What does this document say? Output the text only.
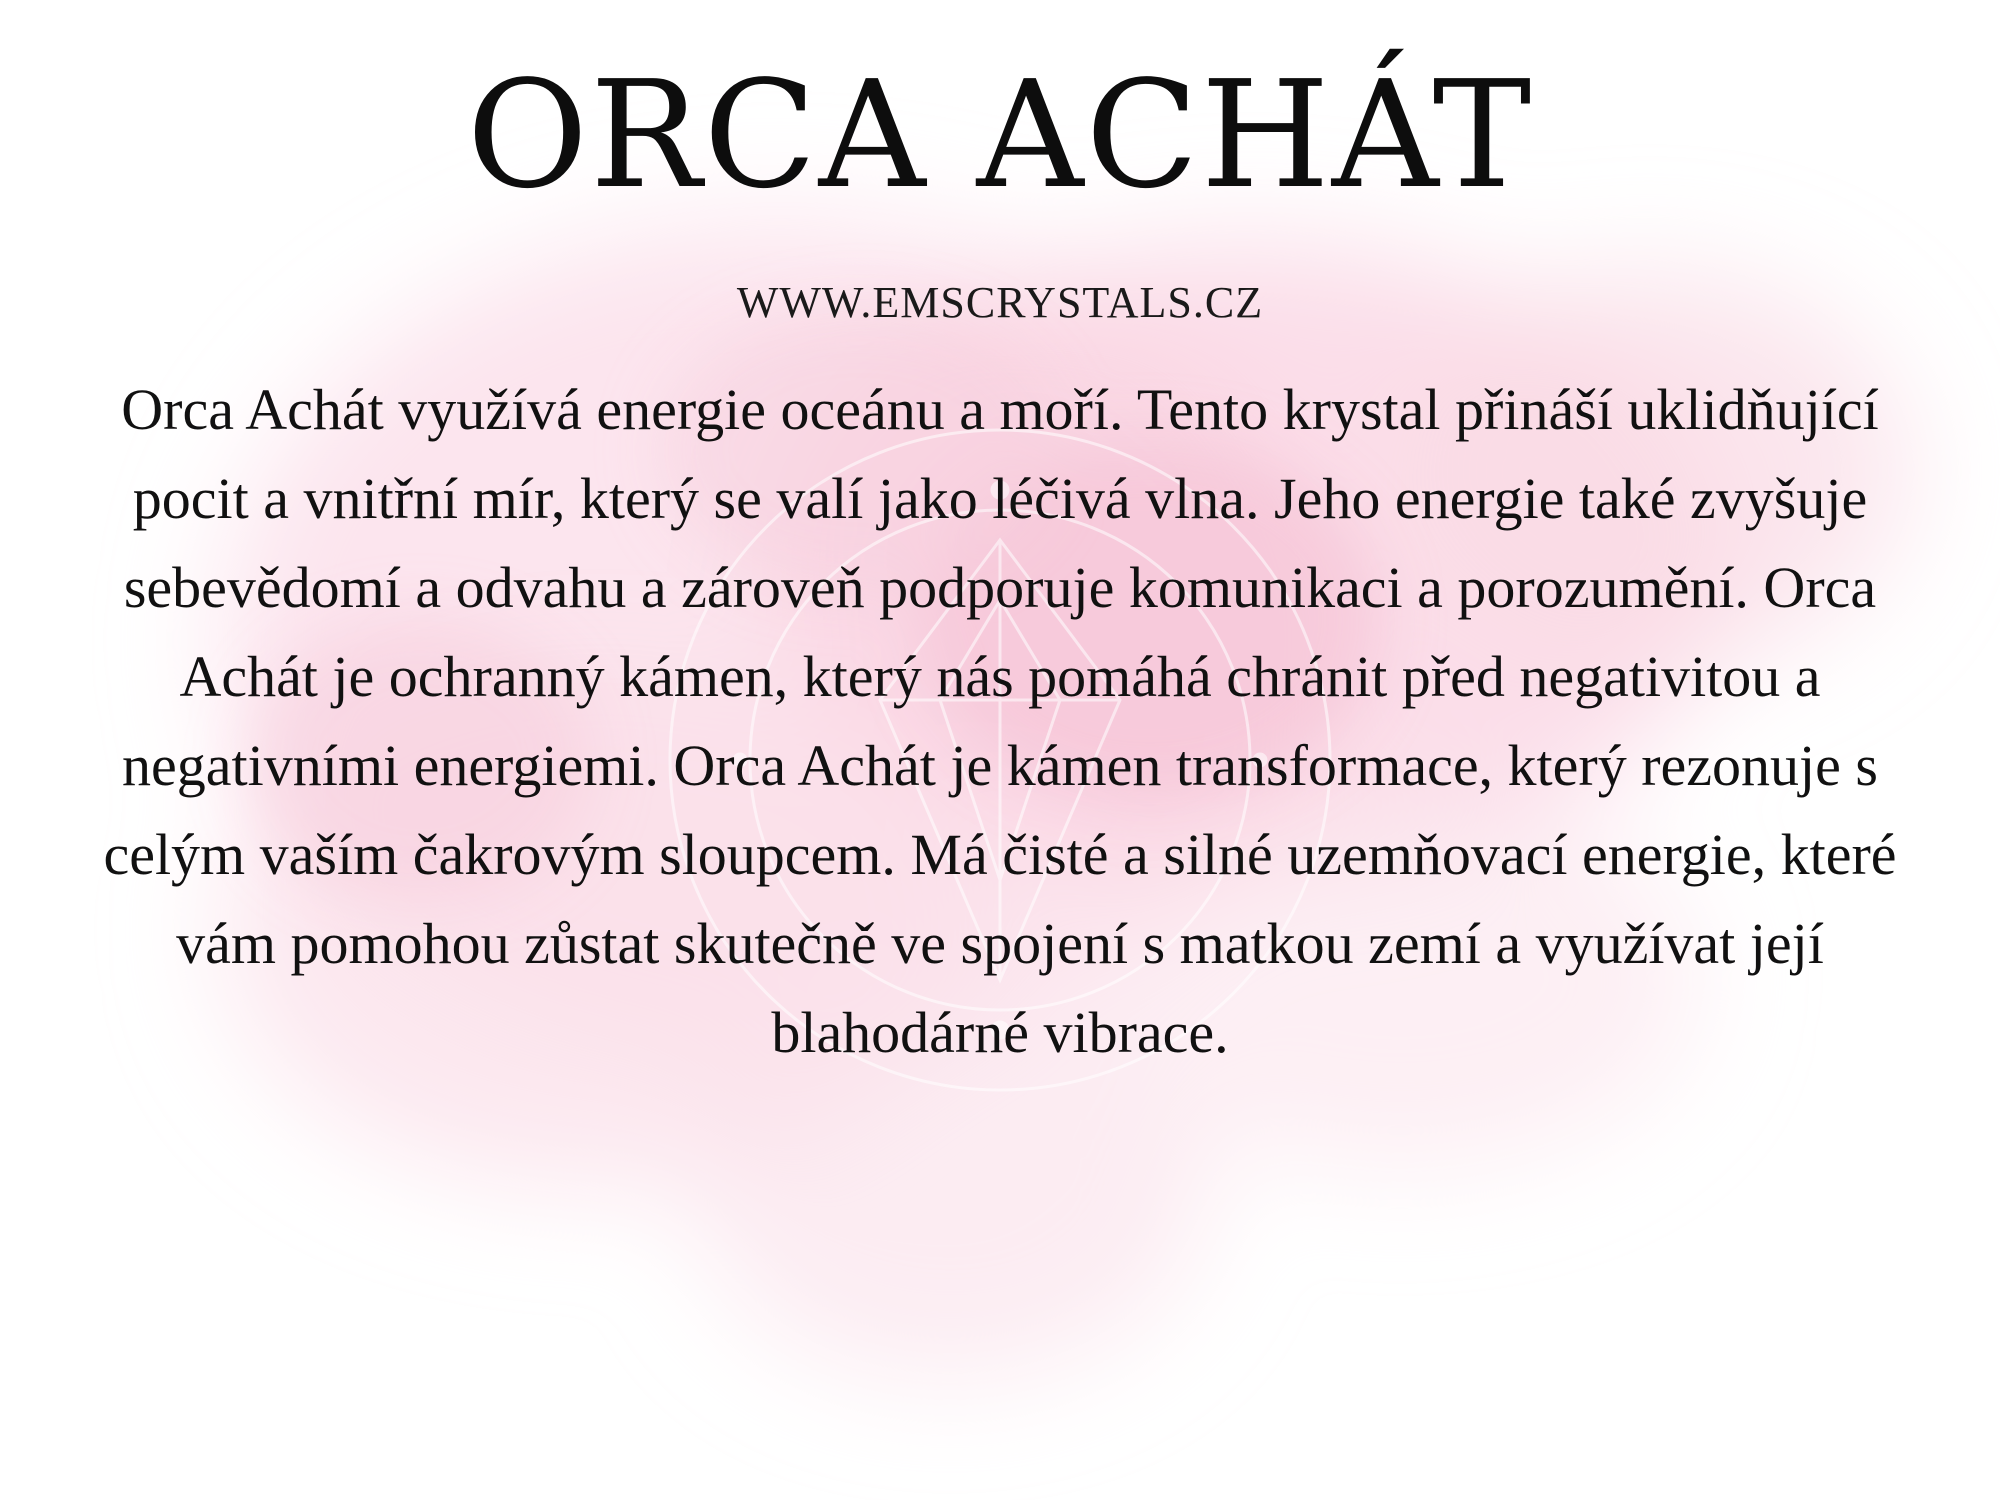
ORCA ACHÁT
WWW.EMSCRYSTALS.CZ

Orca Achát využívá energie oceánu a moří. Tento krystal přináší uklidňující pocit a vnitřní mír, který se valí jako léčivá vlna. Jeho energie také zvyšuje sebevědomí a odvahu a zároveň podporuje komunikaci a porozumění. Orca Achát je ochranný kámen, který nás pomáhá chránit před negativitou a negativními energiemi. Orca Achát je kámen transformace, který rezonuje s celým vaším čakrovým sloupcem. Má čisté a silné uzemňovací energie, které vám pomohou zůstat skutečně ve spojení s matkou zemí a využívat její blahodárné vibrace.
